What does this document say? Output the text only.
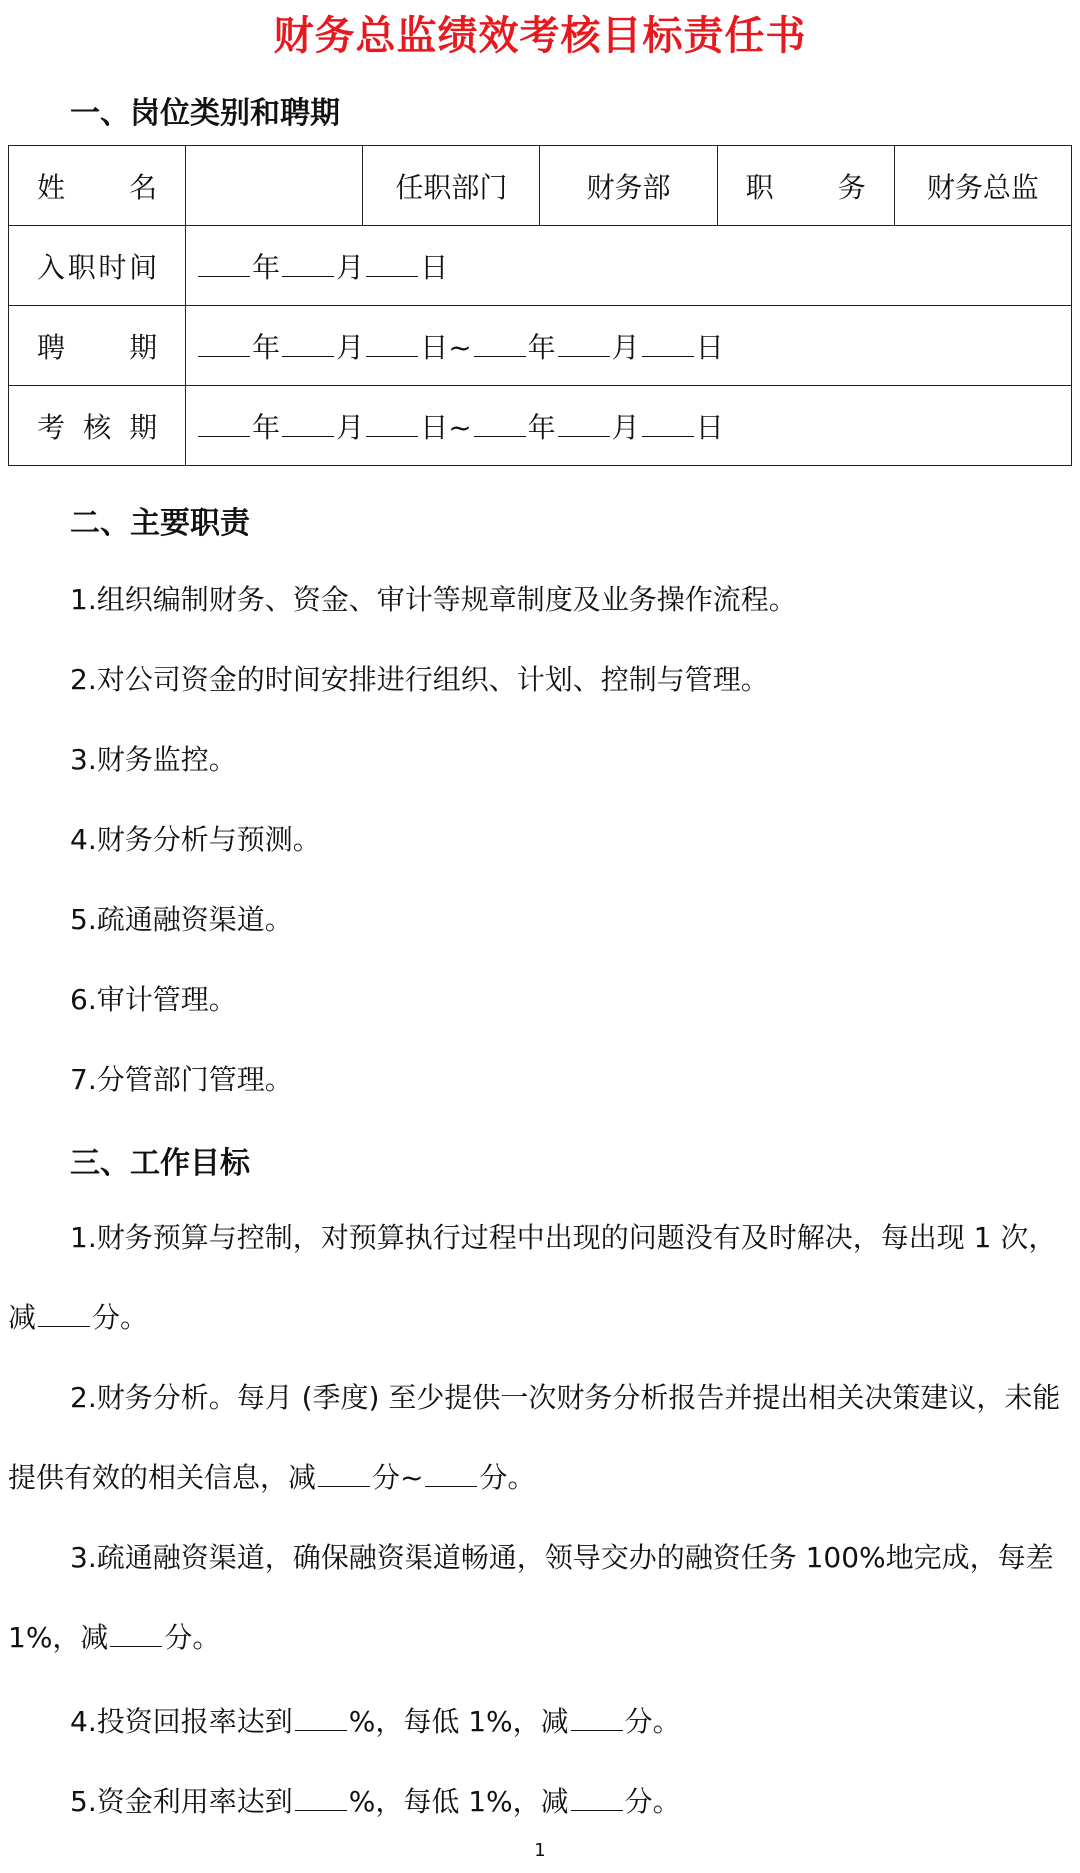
财务总监绩效考核目标责任书
一、岗位类别和聘期
姓 名		任职部门	财务部	职 务	财务总监
入职时间	年 月 日				
聘 期	年 月 日~ 年 月 日				
考 核 期	年 月 日~ 年 月 日				
二、主要职责
1.组织编制财务、资金、审计等规章制度及业务操作流程。
2.对公司资金的时间安排进行组织、计划、控制与管理。
3.财务监控。
4.财务分析与预测。
5.疏通融资渠道。
6.审计管理。
7.分管部门管理。
三、工作目标
1.财务预算与控制，对预算执行过程中出现的问题没有及时解决，每出现 1 次，减 分。
2.财务分析。每月 (季度) 至少提供一次财务分析报告并提出相关决策建议，未能提供有效的相关信息，减 分~ 分。
3.疏通融资渠道，确保融资渠道畅通，领导交办的融资任务 100%地完成，每差 1%，减 分。
4.投资回报率达到 %，每低 1%，减 分。
5.资金利用率达到 %，每低 1%，减 分。
1
